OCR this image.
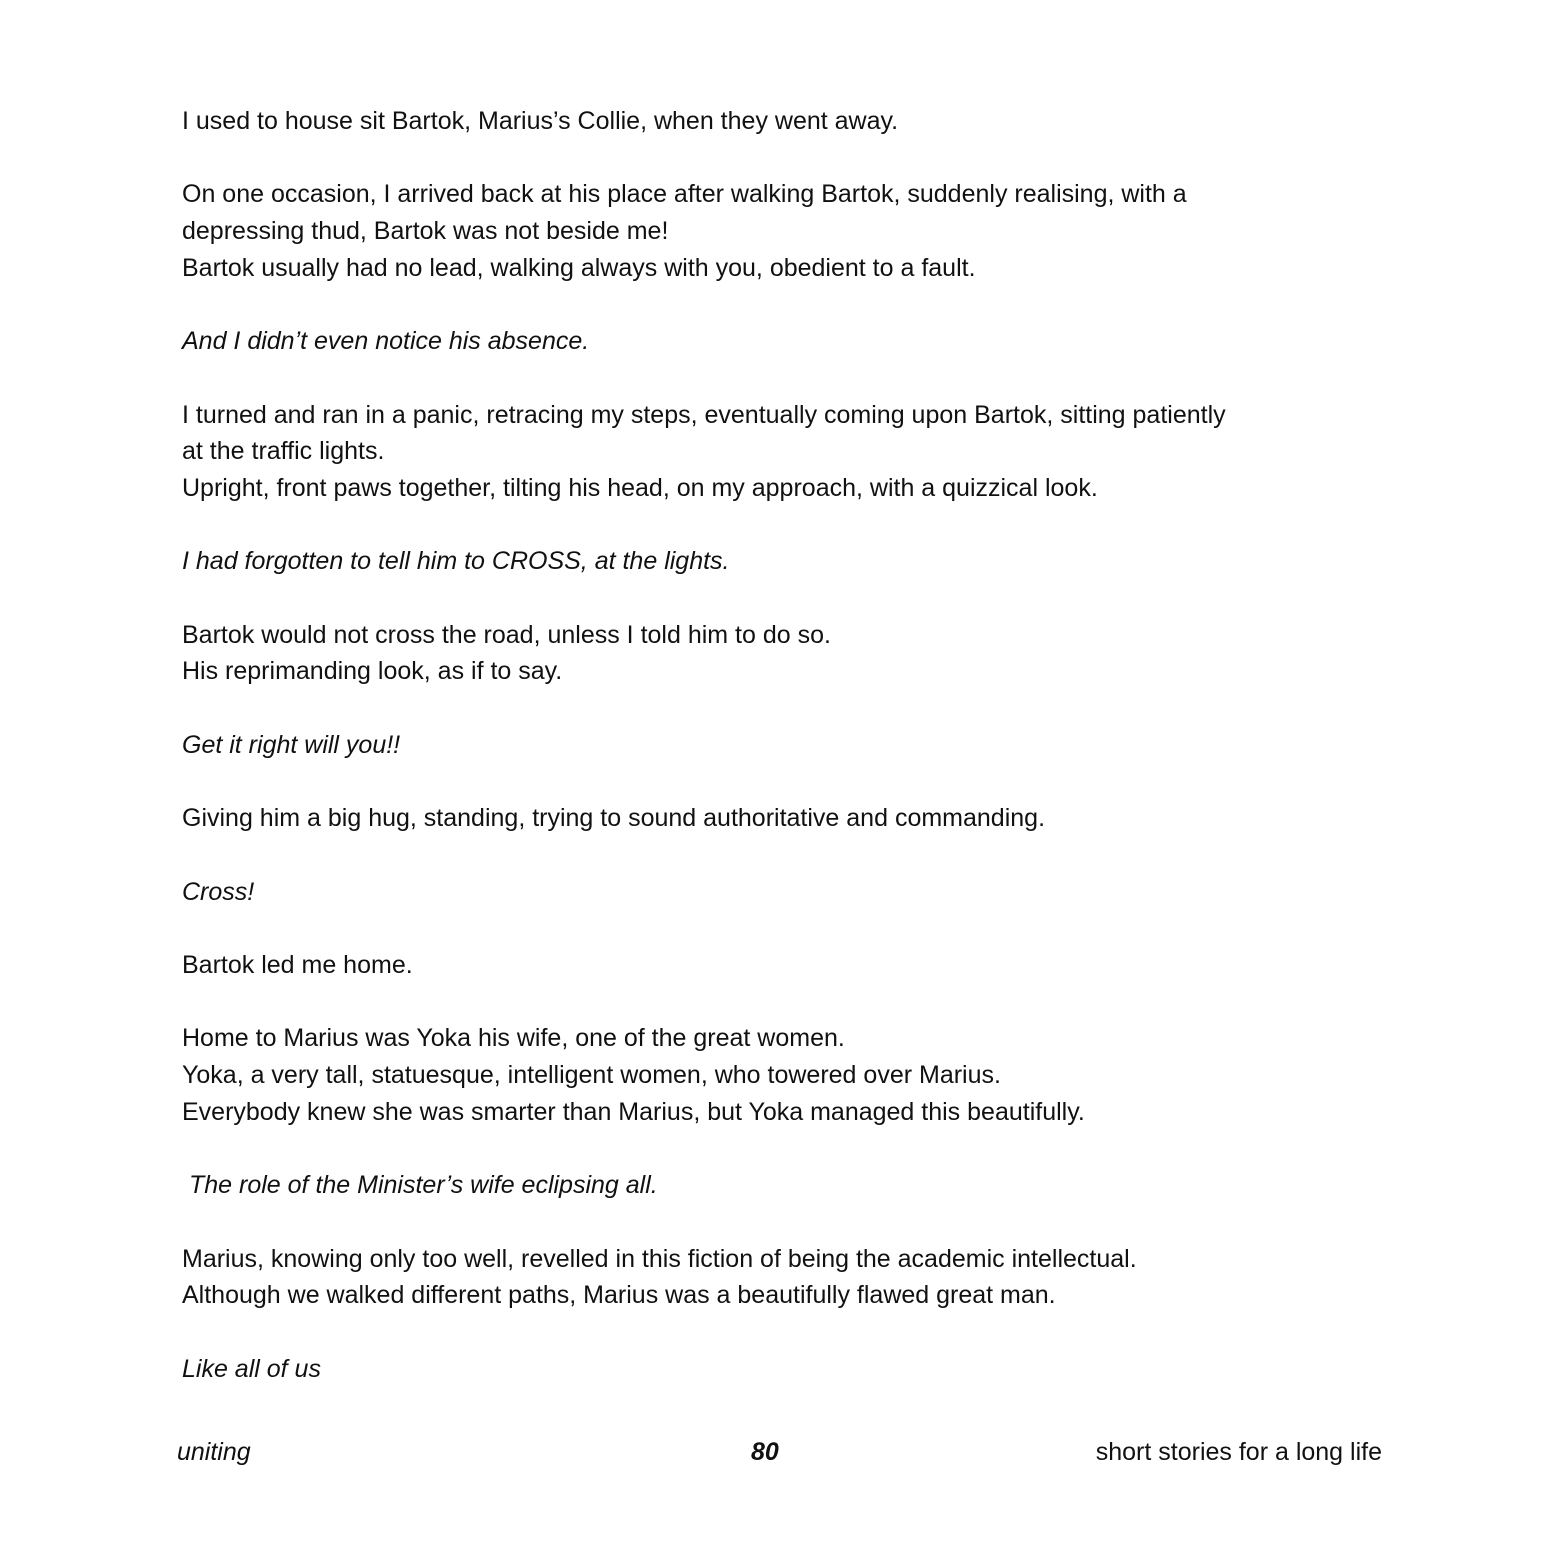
I used to house sit Bartok, Marius’s Collie, when they went away.

On one occasion, I arrived back at his place after walking Bartok, suddenly realising, with a
depressing thud, Bartok was not beside me!
Bartok usually had no lead, walking always with you, obedient to a fault.

And I didn’t even notice his absence.

I turned and ran in a panic, retracing my steps, eventually coming upon Bartok, sitting patiently
at the traffic lights.
Upright, front paws together, tilting his head, on my approach, with a quizzical look.

I had forgotten to tell him to CROSS, at the lights.

Bartok would not cross the road, unless I told him to do so.
His reprimanding look, as if to say.

Get it right will you!!

Giving him a big hug, standing, trying to sound authoritative and commanding.

Cross!

Bartok led me home.

Home to Marius was Yoka his wife, one of the great women.
Yoka, a very tall, statuesque, intelligent women, who towered over Marius.
Everybody knew she was smarter than Marius, but Yoka managed this beautifully.

The role of the Minister’s wife eclipsing all.

Marius, knowing only too well, revelled in this fiction of being the academic intellectual.
Although we walked different paths, Marius was a beautifully flawed great man.

Like all of us

uniting	80	short stories for a long life
